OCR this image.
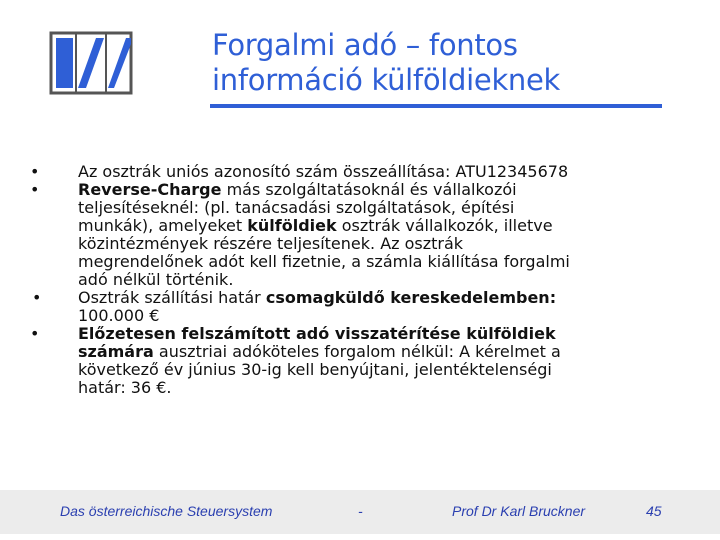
Forgalmi adó – fontos
információ külföldieknek
• Az osztrák uniós azonosító szám összeállítása: ATU12345678
• Reverse-Charge más szolgáltatásoknál és vállalkozói
teljesítéseknél: (pl. tanácsadási szolgáltatások, építési
munkák), amelyeket külföldiek osztrák vállalkozók, illetve
közintézmények részére teljesítenek. Az osztrák
megrendelőnek adót kell fizetnie, a számla kiállítása forgalmi
adó nélkül történik.
• Osztrák szállítási határ csomagküldő kereskedelemben:
100.000 €
• Előzetesen felszámított adó visszatérítése külföldiek
számára ausztriai adóköteles forgalom nélkül: A kérelmet a
következő év június 30-ig kell benyújtani, jelentéktelenségi
határ: 36 €.
Das österreichische Steuersystem	-	Prof Dr Karl Bruckner	45
